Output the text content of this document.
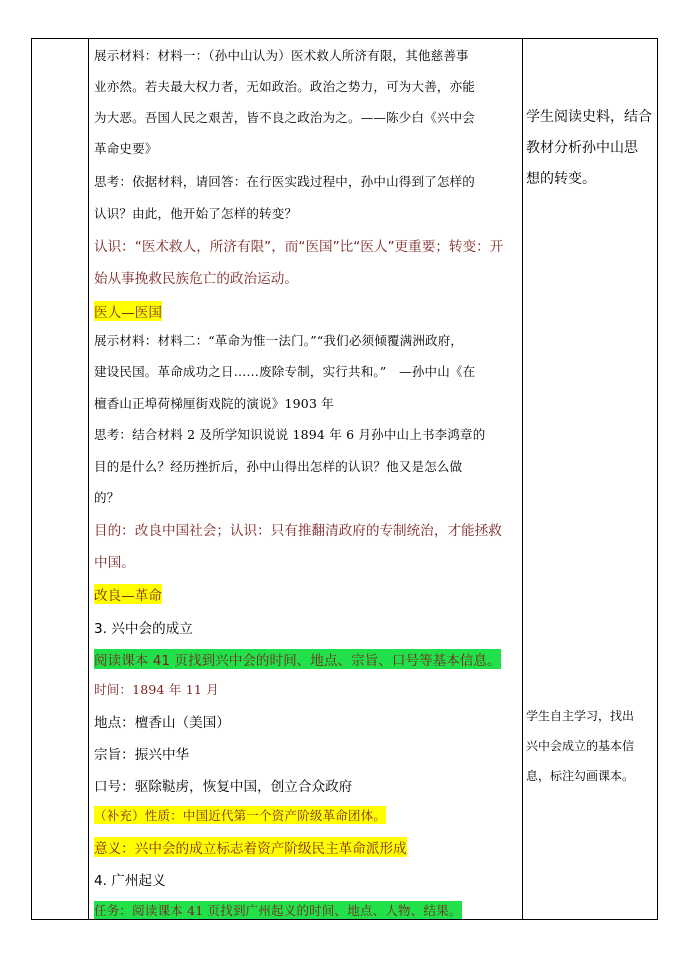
展示材料：材料一：（孙中山认为）医术救人所济有限，其他慈善事
业亦然。若夫最大权力者，无如政治。政治之势力，可为大善，亦能
为大恶。吾国人民之艰苦，皆不良之政治为之。——陈少白《兴中会
革命史要》
思考：依据材料，请回答：在行医实践过程中，孙中山得到了怎样的
认识？由此，他开始了怎样的转变？
认识：“医术救人，所济有限”，而“医国”比“医人”更重要；转变：开
始从事挽救民族危亡的政治运动。
医人—医国
展示材料：材料二：“革命为惟一法门。”“我们必须倾覆满洲政府，
建设民国。革命成功之日……废除专制，实行共和。”　—孙中山《在
檀香山正埠荷梯厘街戏院的演说》1903 年
思考：结合材料 2 及所学知识说说 1894 年 6 月孙中山上书李鸿章的
目的是什么？经历挫折后，孙中山得出怎样的认识？他又是怎么做
的？
目的：改良中国社会；认识：只有推翻清政府的专制统治，才能拯救
中国。
改良—革命
3. 兴中会的成立
阅读课本 41 页找到兴中会的时间、地点、宗旨、口号等基本信息。
时间：1894 年 11 月
地点：檀香山（美国）
宗旨：振兴中华
口号：驱除鞑虏，恢复中国，创立合众政府
（补充）性质：中国近代第一个资产阶级革命团体。
意义：兴中会的成立标志着资产阶级民主革命派形成
4. 广州起义
任务：阅读课本 41 页找到广州起义的时间、地点、人物、结果。
学生阅读史料，结合
教材分析孙中山思
想的转变。
学生自主学习，找出
兴中会成立的基本信
息，标注勾画课本。
